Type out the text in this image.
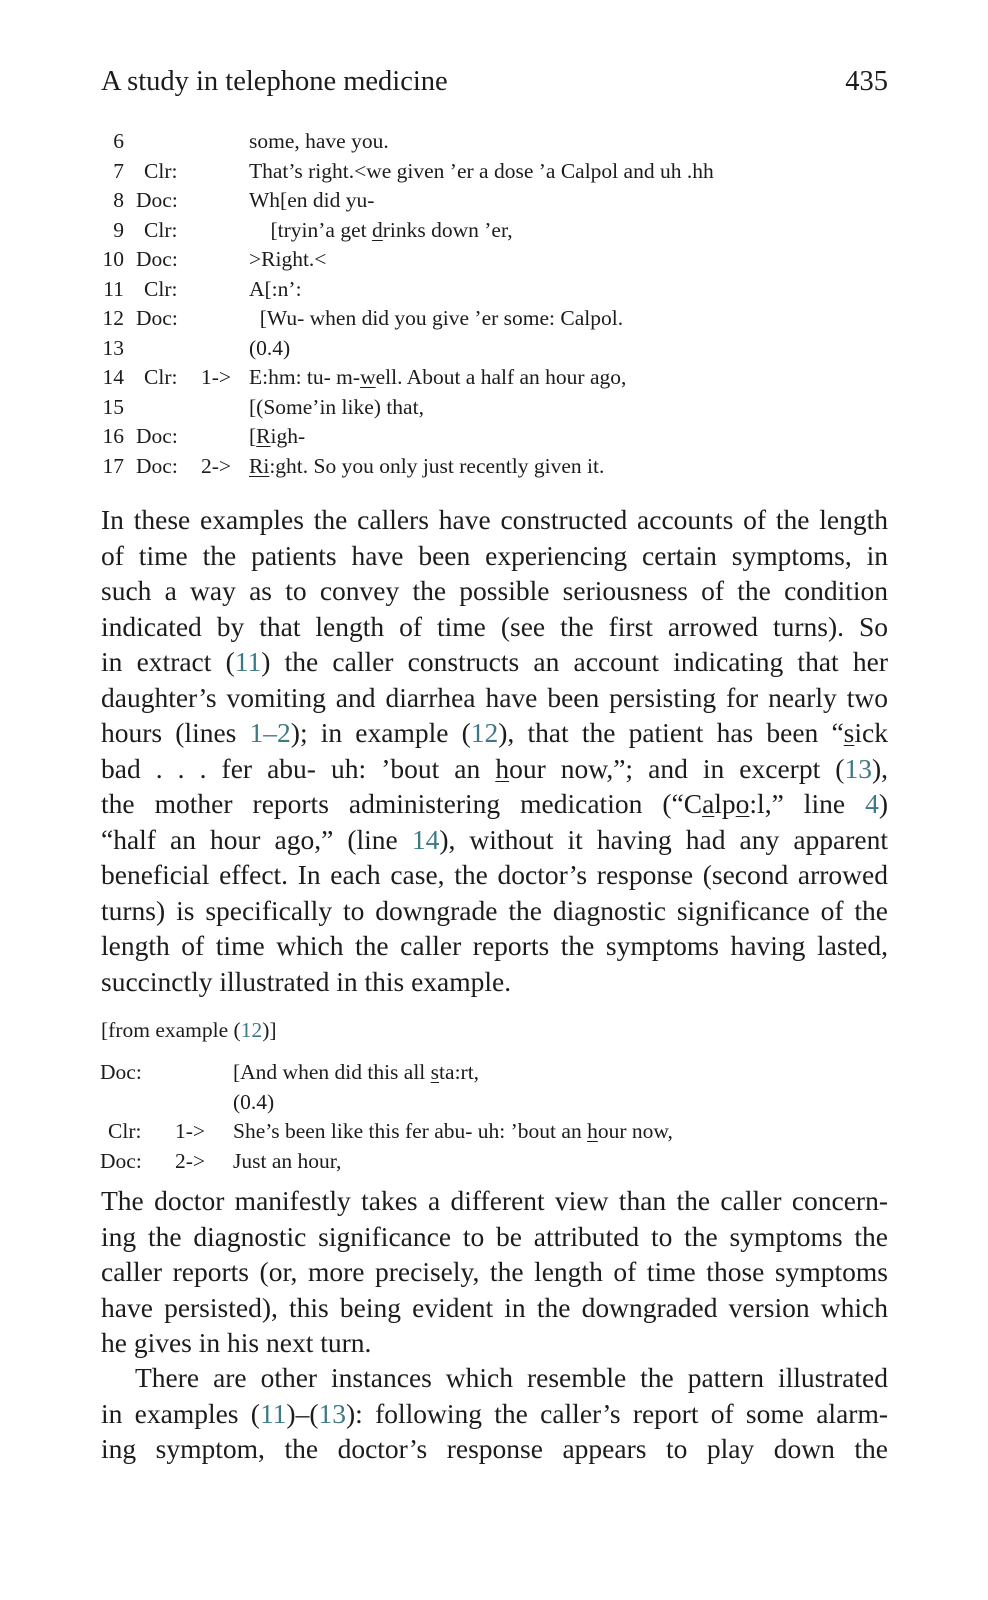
A study in telephone medicine	435
6	some, have you.
7 Clr:	That’s right.<we given ’er a dose ’a Calpol and uh .hh
8 Doc:	Wh[en did yu-
9 Clr:	[tryin’a get drinks down ’er,
10 Doc:	>Right.<
11 Clr:	A[:n’:
12 Doc:	[Wu- when did you give ’er some: Calpol.
13	(0.4)
14 Clr: 1-> E:hm: tu- m-well. About a half an hour ago,
15	[(Some’in like) that,
16 Doc:	[Righ-
17 Doc: 2-> Ri:ght. So you only just recently given it.
In these examples the callers have constructed accounts of the length
of time the patients have been experiencing certain symptoms, in
such a way as to convey the possible seriousness of the condition
indicated by that length of time (see the first arrowed turns). So
in extract (11) the caller constructs an account indicating that her
daughter’s vomiting and diarrhea have been persisting for nearly two
hours (lines 1–2); in example (12), that the patient has been “sick
bad . . . fer abu- uh: ’bout an hour now,”; and in excerpt (13),
the mother reports administering medication (“Calpo:l,” line 4)
“half an hour ago,” (line 14), without it having had any apparent
beneficial effect. In each case, the doctor’s response (second arrowed
turns) is specifically to downgrade the diagnostic significance of the
length of time which the caller reports the symptoms having lasted,
succinctly illustrated in this example.
[from example (12)]
Doc:	[And when did this all sta:rt,
(0.4)
Clr: 1-> She’s been like this fer abu- uh: ’bout an hour now,
Doc: 2-> Just an hour,
The doctor manifestly takes a different view than the caller concern-
ing the diagnostic significance to be attributed to the symptoms the
caller reports (or, more precisely, the length of time those symptoms
have persisted), this being evident in the downgraded version which
he gives in his next turn.
There are other instances which resemble the pattern illustrated
in examples (11)–(13): following the caller’s report of some alarm-
ing symptom, the doctor’s response appears to play down the
